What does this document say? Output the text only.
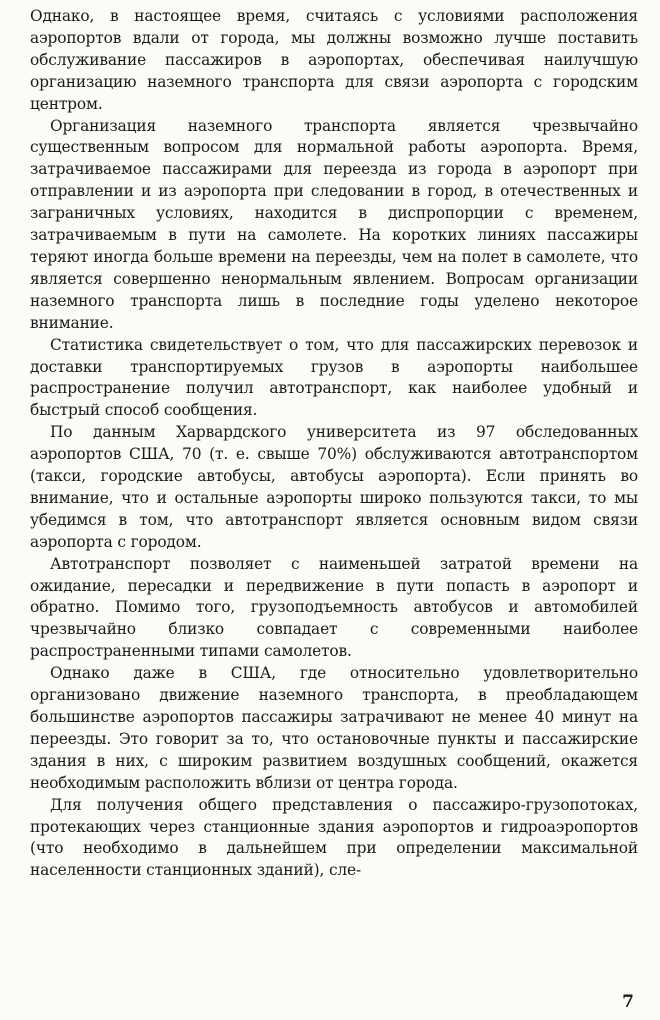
Однако, в настоящее время, считаясь с условиями расположения аэропортов вдали от города, мы должны возможно лучше поставить обслуживание пассажиров в аэропортах, обеспечивая наилучшую организацию наземного транспорта для связи аэропорта с городским центром.

Организация наземного транспорта является чрезвычайно существенным вопросом для нормальной работы аэропорта. Время, затрачиваемое пассажирами для переезда из города в аэропорт при отправлении и из аэропорта при следовании в город, в отечественных и заграничных условиях, находится в диспропорции с временем, затрачиваемым в пути на самолете. На коротких линиях пассажиры теряют иногда больше времени на переезды, чем на полет в самолете, что является совершенно ненормальным явлением. Вопросам организации наземного транспорта лишь в последние годы уделено некоторое внимание.

Статистика свидетельствует о том, что для пассажирских перевозок и доставки транспортируемых грузов в аэропорты наибольшее распространение получил автотранспорт, как наиболее удобный и быстрый способ сообщения.

По данным Харвардского университета из 97 обследованных аэропортов США, 70 (т. е. свыше 70%) обслуживаются автотранспортом (такси, городские автобусы, автобусы аэропорта). Если принять во внимание, что и остальные аэропорты широко пользуются такси, то мы убедимся в том, что автотранспорт является основным видом связи аэропорта с городом.

Автотранспорт позволяет с наименьшей затратой времени на ожидание, пересадки и передвижение в пути попасть в аэропорт и обратно. Помимо того, грузоподъемность автобусов и автомобилей чрезвычайно близко совпадает с современными наиболее распространенными типами самолетов.

Однако даже в США, где относительно удовлетворительно организовано движение наземного транспорта, в преобладающем большинстве аэропортов пассажиры затрачивают не менее 40 минут на переезды. Это говорит за то, что остановочные пункты и пассажирские здания в них, с широким развитием воздушных сообщений, окажется необходимым расположить вблизи от центра города.

Для получения общего представления о пассажиро-грузопотоках, протекающих через станционные здания аэропортов и гидроаэропортов (что необходимо в дальнейшем при определении максимальной населенности станционных зданий), сле-

7
